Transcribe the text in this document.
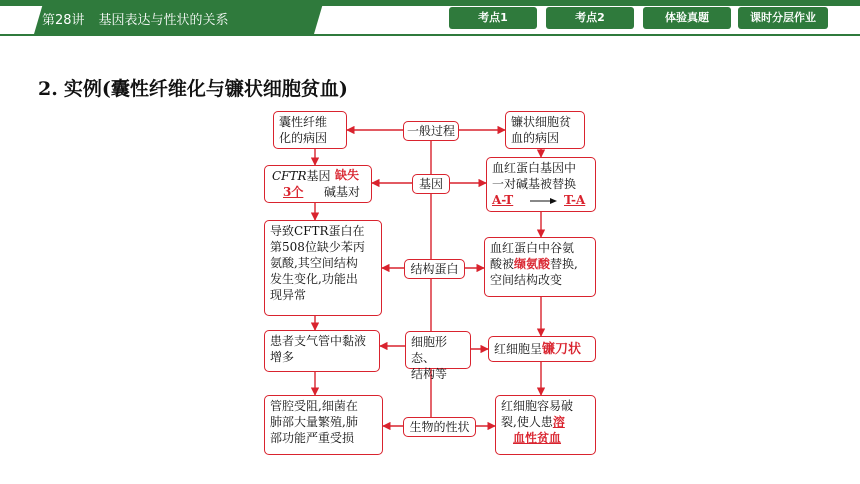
第28讲 基因表达与性状的关系	考点1	考点2	体验真题	课时分层作业
2. 实例(囊性纤维化与镰状细胞贫血)
囊性纤维
化的病因	一般过程
镰状细胞贫
血的病因
CFTR基因 缺失
3个 碱基对
基因
血红蛋白基因中
一对碱基被替换
A-T	T-A
导致CFTR蛋白在
第508位缺少苯丙
氨酸,其空间结构
发生变化,功能出
现异常
结构蛋白
血红蛋白中谷氨
酸被缬氨酸替换,
空间结构改变
患者支气管中黏液
增多
细胞形态、
结构等
红细胞呈镰刀状
管腔受阻,细菌在
肺部大量繁殖,肺
部功能严重受损
生物的性状
红细胞容易破
裂,使人患溶
血性贫血
